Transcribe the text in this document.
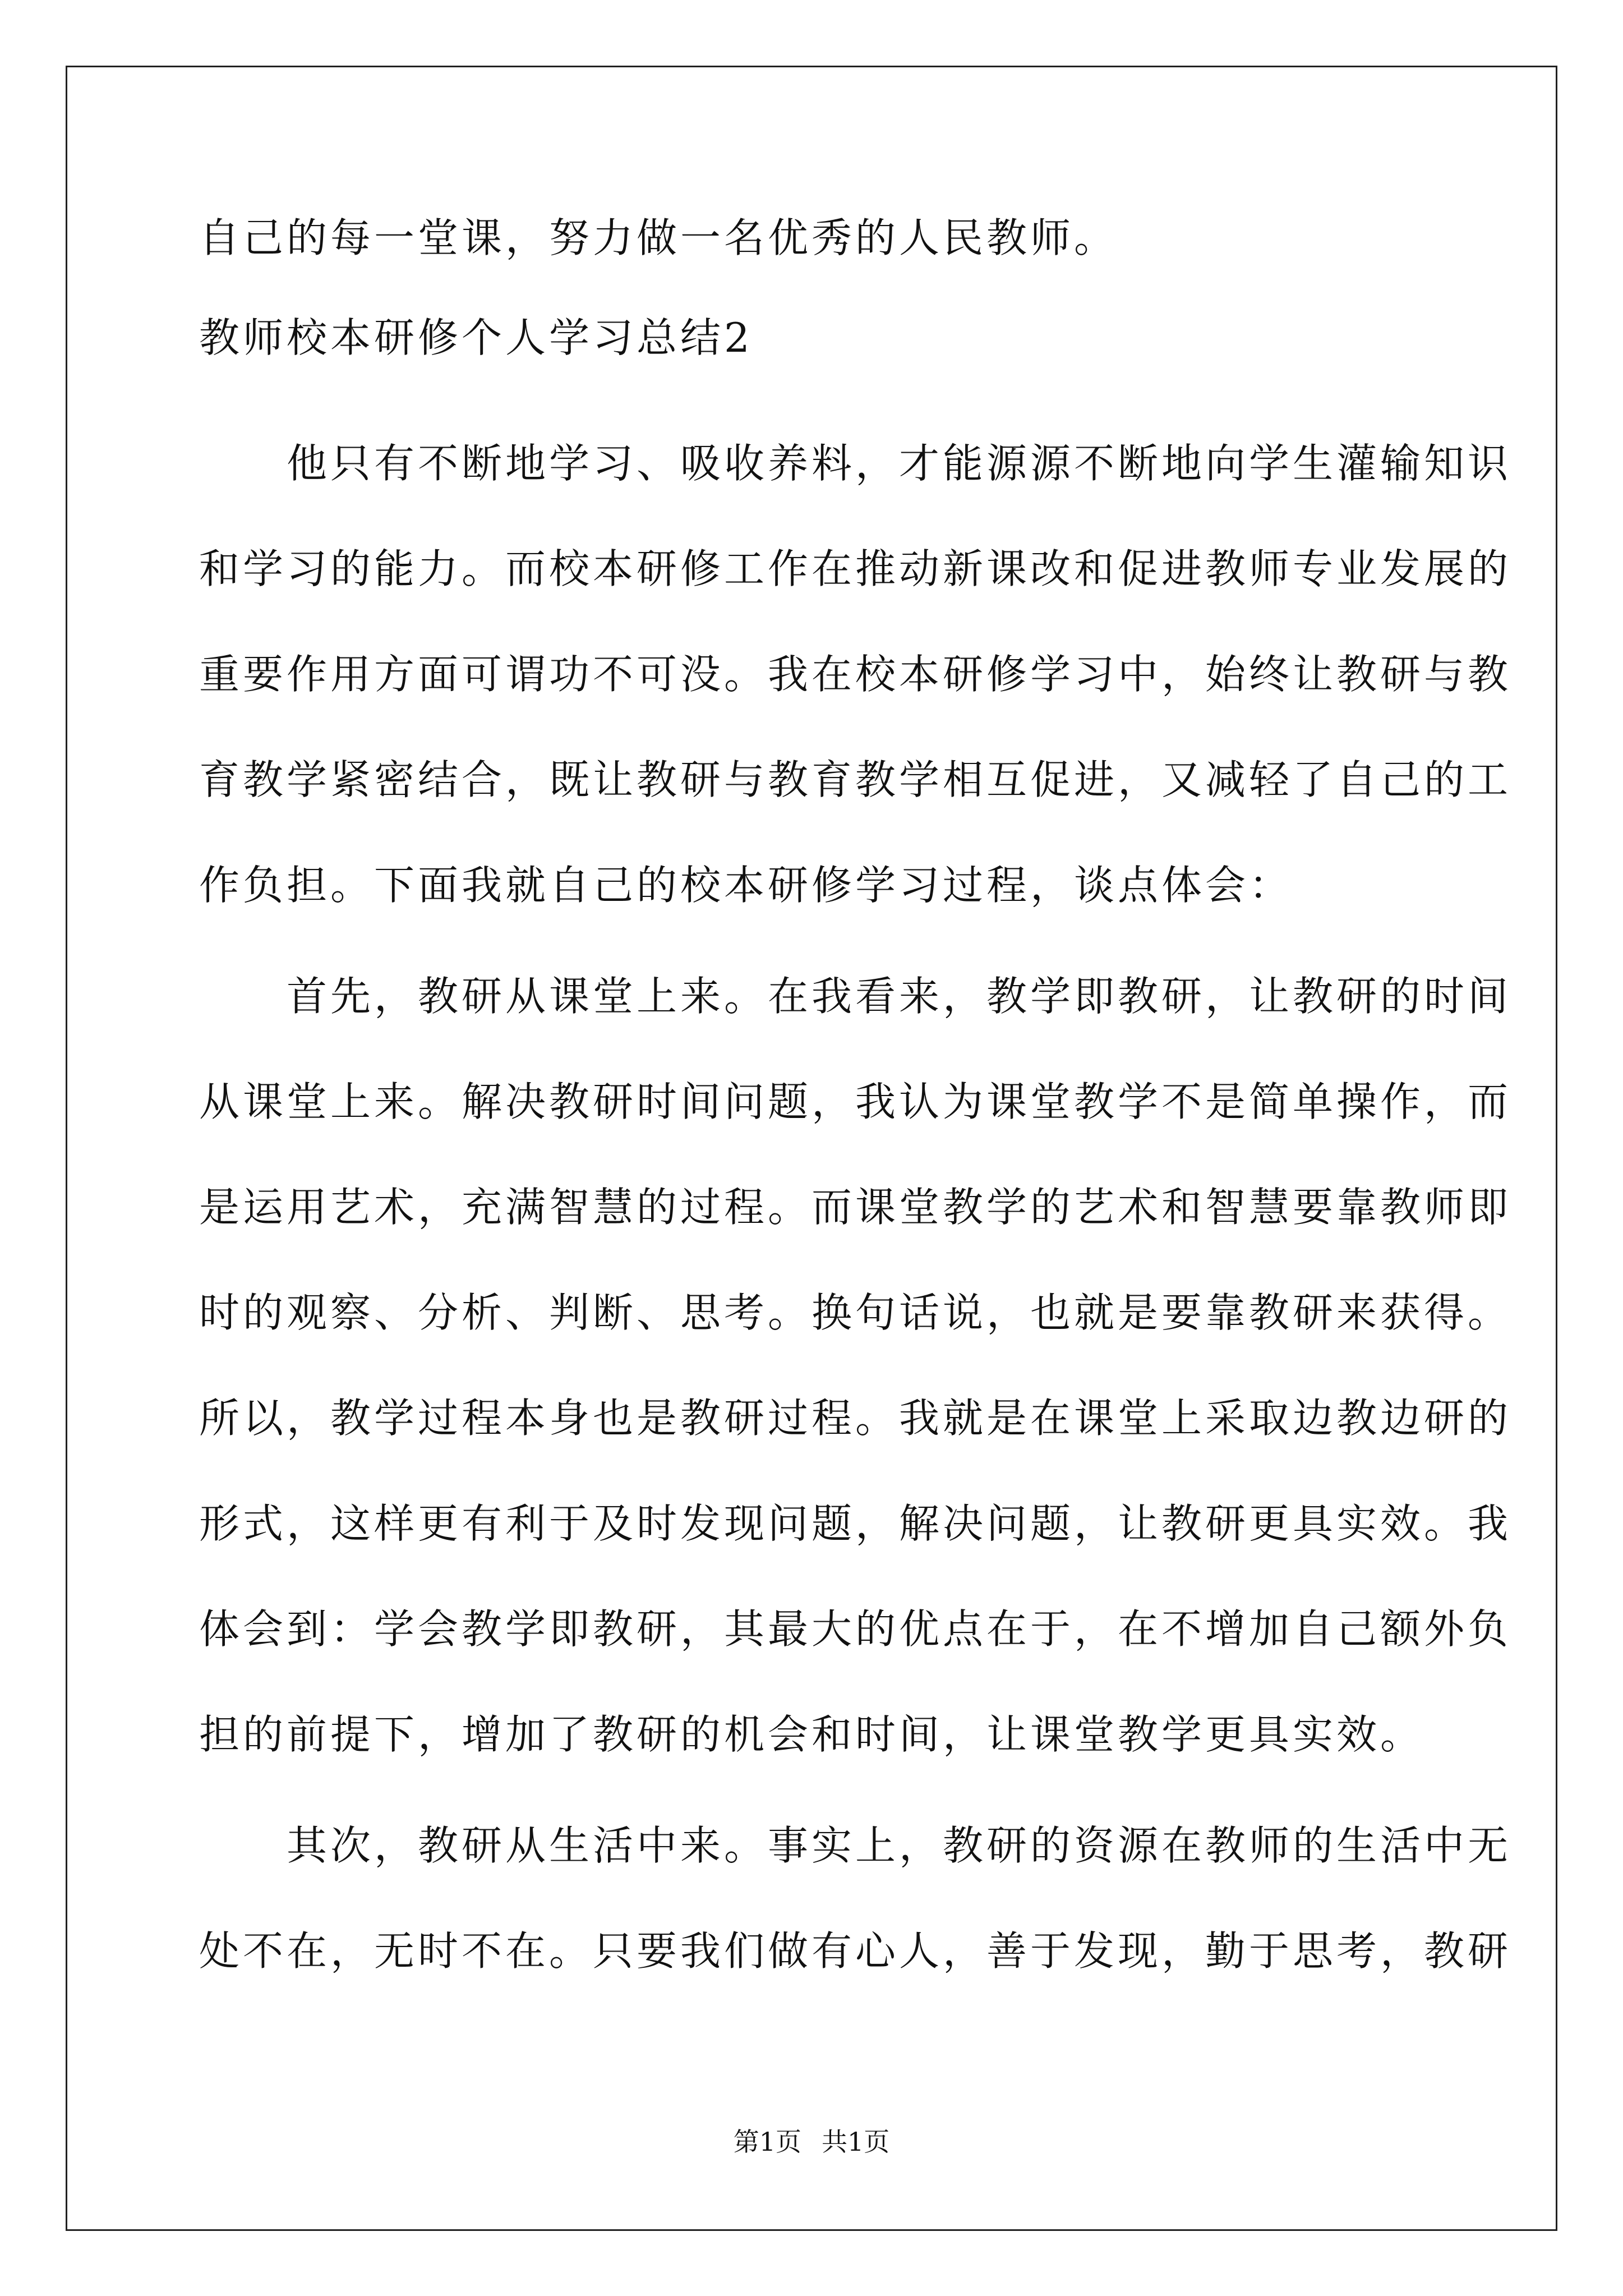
自己的每一堂课，努力做一名优秀的人民教师。
教师校本研修个人学习总结2
　　他只有不断地学习、吸收养料，才能源源不断地向学生灌输知识
和学习的能力。而校本研修工作在推动新课改和促进教师专业发展的
重要作用方面可谓功不可没。我在校本研修学习中，始终让教研与教
育教学紧密结合，既让教研与教育教学相互促进，又减轻了自己的工
作负担。下面我就自己的校本研修学习过程，谈点体会：
　　首先，教研从课堂上来。在我看来，教学即教研，让教研的时间
从课堂上来。解决教研时间问题，我认为课堂教学不是简单操作，而
是运用艺术，充满智慧的过程。而课堂教学的艺术和智慧要靠教师即
时的观察、分析、判断、思考。换句话说，也就是要靠教研来获得。
所以，教学过程本身也是教研过程。我就是在课堂上采取边教边研的
形式，这样更有利于及时发现问题，解决问题，让教研更具实效。我
体会到：学会教学即教研，其最大的优点在于，在不增加自己额外负
担的前提下，增加了教研的机会和时间，让课堂教学更具实效。
　　其次，教研从生活中来。事实上，教研的资源在教师的生活中无
处不在，无时不在。只要我们做有心人，善于发现，勤于思考，教研
第1页 共1页
